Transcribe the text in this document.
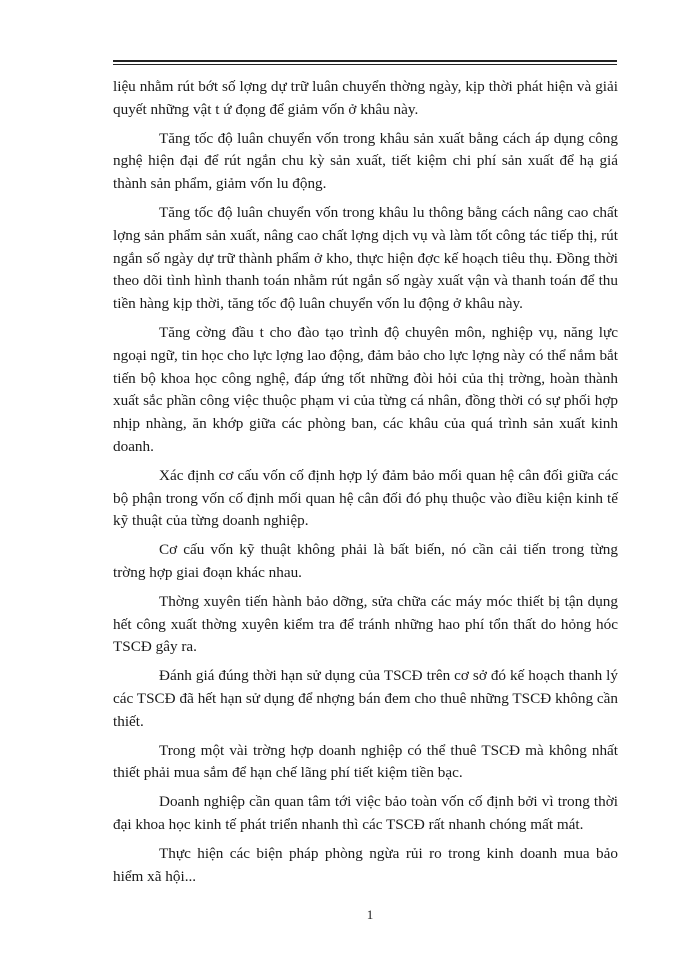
liệu nhằm rút bớt số lợng dự trữ luân chuyển thờng ngày, kịp thời phát hiện và giải quyết những vật t ứ đọng để giảm vốn ở khâu này.

Tăng tốc độ luân chuyển vốn trong khâu sản xuất bằng cách áp dụng công nghệ hiện đại để rút ngắn chu kỳ sản xuất, tiết kiệm chi phí sản xuất để hạ giá thành sản phẩm, giảm vốn lu động.

Tăng tốc độ luân chuyển vốn trong khâu lu thông bằng cách nâng cao chất lợng sản phẩm sản xuất, nâng cao chất lợng dịch vụ và làm tốt công tác tiếp thị, rút ngắn số ngày dự trữ thành phẩm ở kho, thực hiện đợc kế hoạch tiêu thụ. Đồng thời theo dõi tình hình thanh toán nhằm rút ngắn số ngày xuất vận và thanh toán để thu tiền hàng kịp thời, tăng tốc độ luân chuyển vốn lu động ở khâu này.

Tăng cờng đầu t cho đào tạo trình độ chuyên môn, nghiệp vụ, năng lực ngoại ngữ, tin học cho lực lợng lao động, đảm bảo cho lực lợng này có thể nắm bắt tiến bộ khoa học công nghệ, đáp ứng tốt những đòi hỏi của thị trờng, hoàn thành xuất sắc phần công việc thuộc phạm vi của từng cá nhân, đồng thời có sự phối hợp nhịp nhàng, ăn khớp giữa các phòng ban, các khâu của quá trình sản xuất kinh doanh.

Xác định cơ cấu vốn cố định hợp lý đảm bảo mối quan hệ cân đối giữa các bộ phận trong vốn cố định mối quan hệ cân đối đó phụ thuộc vào điều kiện kinh tế kỹ thuật của từng doanh nghiệp.

Cơ cấu vốn kỹ thuật không phải là bất biến, nó cần cải tiến trong từng trờng hợp giai đoạn khác nhau.

Thờng xuyên tiến hành bảo dỡng, sửa chữa các máy móc thiết bị tận dụng hết công xuất thờng xuyên kiểm tra để tránh những hao phí tổn thất do hỏng hóc TSCĐ gây ra.

Đánh giá đúng thời hạn sử dụng của TSCĐ trên cơ sở đó kế hoạch thanh lý các TSCĐ đã hết hạn sử dụng để nhợng bán đem cho thuê những TSCĐ không cần thiết.

Trong một vài trờng hợp doanh nghiệp có thể thuê TSCĐ mà không nhất thiết phải mua sắm để hạn chế lãng phí tiết kiệm tiền bạc.

Doanh nghiệp cần quan tâm tới việc bảo toàn vốn cố định bởi vì trong thời đại khoa học kinh tế phát triển nhanh thì các TSCĐ rất nhanh chóng mất mát.

Thực hiện các biện pháp phòng ngừa rủi ro trong kinh doanh mua bảo hiểm xã hội...

1
